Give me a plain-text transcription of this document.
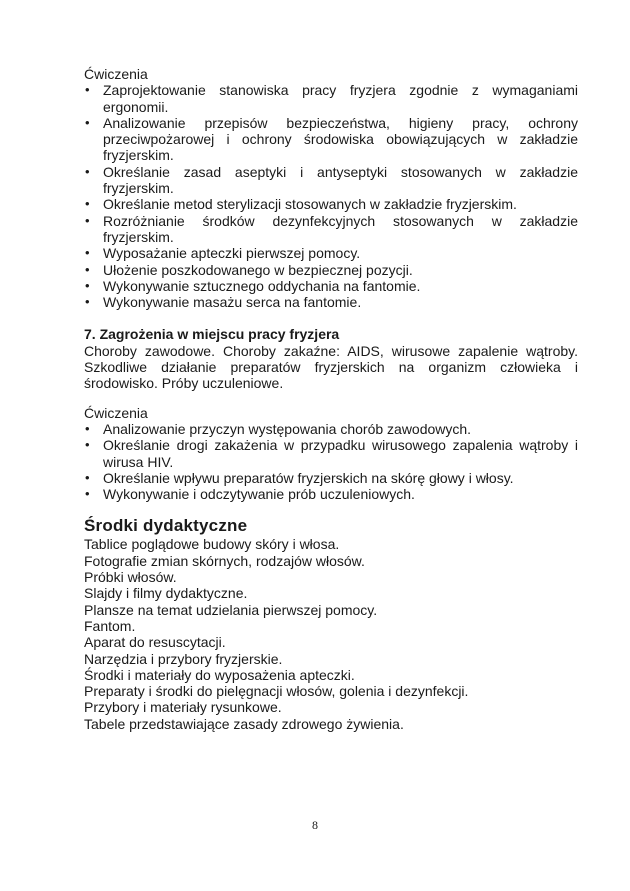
Ćwiczenia

• Zaprojektowanie stanowiska pracy fryzjera zgodnie z wymaganiami ergonomii.
• Analizowanie przepisów bezpieczeństwa, higieny pracy, ochrony przeciwpożarowej i ochrony środowiska obowiązujących w zakładzie fryzjerskim.
• Określanie zasad aseptyki i antyseptyki stosowanych w zakładzie fryzjerskim.
• Określanie metod sterylizacji stosowanych w zakładzie fryzjerskim.
• Rozróżnianie środków dezynfekcyjnych stosowanych w zakładzie fryzjerskim.
• Wyposażanie apteczki pierwszej pomocy.
• Ułożenie poszkodowanego w bezpiecznej pozycji.
• Wykonywanie sztucznego oddychania na fantomie.
• Wykonywanie masażu serca na fantomie.

7. Zagrożenia w miejscu pracy fryzjera

Choroby zawodowe. Choroby zakaźne: AIDS, wirusowe zapalenie wątroby. Szkodliwe działanie preparatów fryzjerskich na organizm człowieka i środowisko. Próby uczuleniowe.

Ćwiczenia

• Analizowanie przyczyn występowania chorób zawodowych.
• Określanie drogi zakażenia w przypadku wirusowego zapalenia wątroby i wirusa HIV.
• Określanie wpływu preparatów fryzjerskich na skórę głowy i włosy.
• Wykonywanie i odczytywanie prób uczuleniowych.

Środki dydaktyczne

Tablice poglądowe budowy skóry i włosa.

Fotografie zmian skórnych, rodzajów włosów.

Próbki włosów.

Slajdy i filmy dydaktyczne.

Plansze na temat udzielania pierwszej pomocy.

Fantom.

Aparat do resuscytacji.

Narzędzia i przybory fryzjerskie.

Środki i materiały do wyposażenia apteczki.

Preparaty i środki do pielęgnacji włosów, golenia i dezynfekcji.

Przybory i materiały rysunkowe.

Tabele przedstawiające zasady zdrowego żywienia.

8
